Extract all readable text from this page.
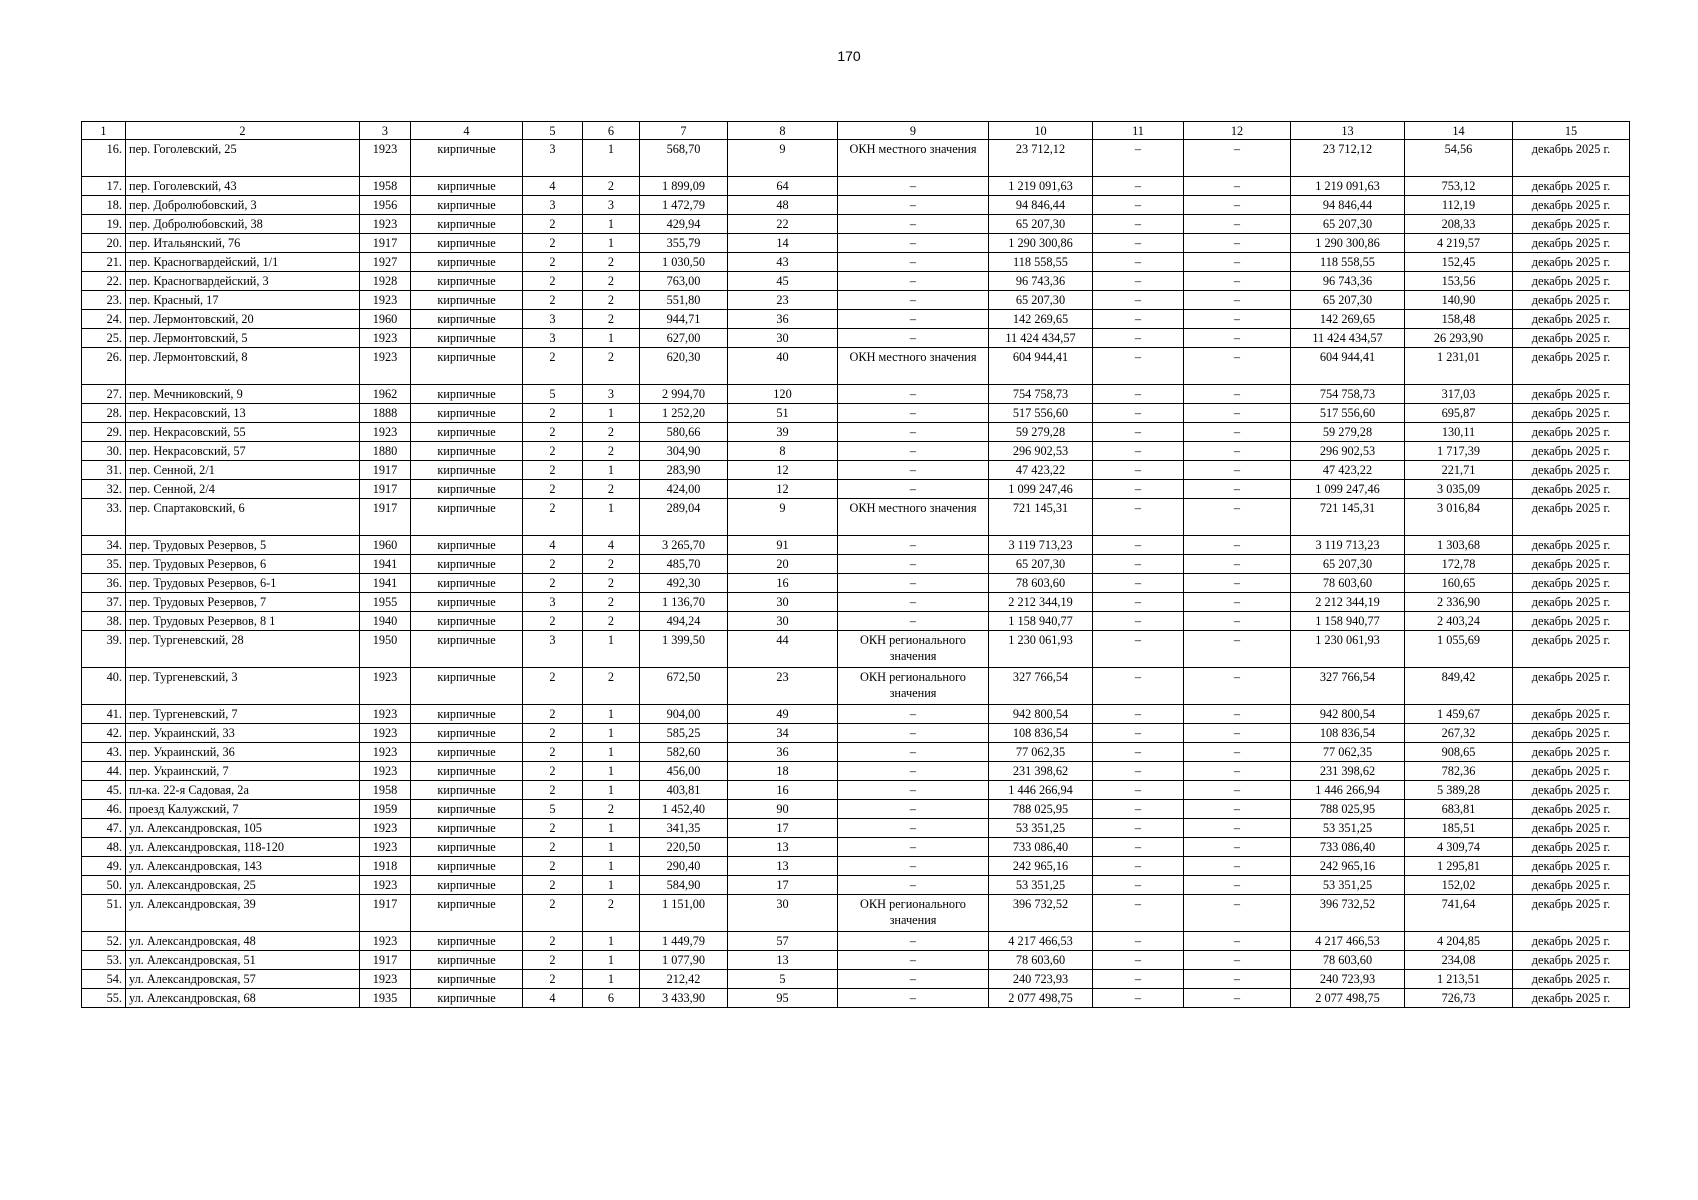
170
1	2	3	4	5	6	7	8	9	10	11	12	13	14	15
16.	пер. Гоголевский, 25	1923	кирпичные	3	1	568,70	9	ОКН местного значения	23 712,12	–	–	23 712,12	54,56	декабрь 2025 г.
17.	пер. Гоголевский, 43	1958	кирпичные	4	2	1 899,09	64	–	1 219 091,63	–	–	1 219 091,63	753,12	декабрь 2025 г.
18.	пер. Добролюбовский, 3	1956	кирпичные	3	3	1 472,79	48	–	94 846,44	–	–	94 846,44	112,19	декабрь 2025 г.
19.	пер. Добролюбовский, 38	1923	кирпичные	2	1	429,94	22	–	65 207,30	–	–	65 207,30	208,33	декабрь 2025 г.
20.	пер. Итальянский, 76	1917	кирпичные	2	1	355,79	14	–	1 290 300,86	–	–	1 290 300,86	4 219,57	декабрь 2025 г.
21.	пер. Красногвардейский, 1/1	1927	кирпичные	2	2	1 030,50	43	–	118 558,55	–	–	118 558,55	152,45	декабрь 2025 г.
22.	пер. Красногвардейский, 3	1928	кирпичные	2	2	763,00	45	–	96 743,36	–	–	96 743,36	153,56	декабрь 2025 г.
23.	пер. Красный, 17	1923	кирпичные	2	2	551,80	23	–	65 207,30	–	–	65 207,30	140,90	декабрь 2025 г.
24.	пер. Лермонтовский, 20	1960	кирпичные	3	2	944,71	36	–	142 269,65	–	–	142 269,65	158,48	декабрь 2025 г.
25.	пер. Лермонтовский, 5	1923	кирпичные	3	1	627,00	30	–	11 424 434,57	–	–	11 424 434,57	26 293,90	декабрь 2025 г.
26.	пер. Лермонтовский, 8	1923	кирпичные	2	2	620,30	40	ОКН местного значения	604 944,41	–	–	604 944,41	1 231,01	декабрь 2025 г.
27.	пер. Мечниковский, 9	1962	кирпичные	5	3	2 994,70	120	–	754 758,73	–	–	754 758,73	317,03	декабрь 2025 г.
28.	пер. Некрасовский, 13	1888	кирпичные	2	1	1 252,20	51	–	517 556,60	–	–	517 556,60	695,87	декабрь 2025 г.
29.	пер. Некрасовский, 55	1923	кирпичные	2	2	580,66	39	–	59 279,28	–	–	59 279,28	130,11	декабрь 2025 г.
30.	пер. Некрасовский, 57	1880	кирпичные	2	2	304,90	8	–	296 902,53	–	–	296 902,53	1 717,39	декабрь 2025 г.
31.	пер. Сенной, 2/1	1917	кирпичные	2	1	283,90	12	–	47 423,22	–	–	47 423,22	221,71	декабрь 2025 г.
32.	пер. Сенной, 2/4	1917	кирпичные	2	2	424,00	12	–	1 099 247,46	–	–	1 099 247,46	3 035,09	декабрь 2025 г.
33.	пер. Спартаковский, 6	1917	кирпичные	2	1	289,04	9	ОКН местного значения	721 145,31	–	–	721 145,31	3 016,84	декабрь 2025 г.
34.	пер. Трудовых Резервов, 5	1960	кирпичные	4	4	3 265,70	91	–	3 119 713,23	–	–	3 119 713,23	1 303,68	декабрь 2025 г.
35.	пер. Трудовых Резервов, 6	1941	кирпичные	2	2	485,70	20	–	65 207,30	–	–	65 207,30	172,78	декабрь 2025 г.
36.	пер. Трудовых Резервов, 6-1	1941	кирпичные	2	2	492,30	16	–	78 603,60	–	–	78 603,60	160,65	декабрь 2025 г.
37.	пер. Трудовых Резервов, 7	1955	кирпичные	3	2	1 136,70	30	–	2 212 344,19	–	–	2 212 344,19	2 336,90	декабрь 2025 г.
38.	пер. Трудовых Резервов, 8 1	1940	кирпичные	2	2	494,24	30	–	1 158 940,77	–	–	1 158 940,77	2 403,24	декабрь 2025 г.
39.	пер. Тургеневский, 28	1950	кирпичные	3	1	1 399,50	44	ОКН регионального значения	1 230 061,93	–	–	1 230 061,93	1 055,69	декабрь 2025 г.
40.	пер. Тургеневский, 3	1923	кирпичные	2	2	672,50	23	ОКН регионального значения	327 766,54	–	–	327 766,54	849,42	декабрь 2025 г.
41.	пер. Тургеневский, 7	1923	кирпичные	2	1	904,00	49	–	942 800,54	–	–	942 800,54	1 459,67	декабрь 2025 г.
42.	пер. Украинский, 33	1923	кирпичные	2	1	585,25	34	–	108 836,54	–	–	108 836,54	267,32	декабрь 2025 г.
43.	пер. Украинский, 36	1923	кирпичные	2	1	582,60	36	–	77 062,35	–	–	77 062,35	908,65	декабрь 2025 г.
44.	пер. Украинский, 7	1923	кирпичные	2	1	456,00	18	–	231 398,62	–	–	231 398,62	782,36	декабрь 2025 г.
45.	пл-ка. 22-я Садовая, 2а	1958	кирпичные	2	1	403,81	16	–	1 446 266,94	–	–	1 446 266,94	5 389,28	декабрь 2025 г.
46.	проезд Калужский, 7	1959	кирпичные	5	2	1 452,40	90	–	788 025,95	–	–	788 025,95	683,81	декабрь 2025 г.
47.	ул. Александровская, 105	1923	кирпичные	2	1	341,35	17	–	53 351,25	–	–	53 351,25	185,51	декабрь 2025 г.
48.	ул. Александровская, 118-120	1923	кирпичные	2	1	220,50	13	–	733 086,40	–	–	733 086,40	4 309,74	декабрь 2025 г.
49.	ул. Александровская, 143	1918	кирпичные	2	1	290,40	13	–	242 965,16	–	–	242 965,16	1 295,81	декабрь 2025 г.
50.	ул. Александровская, 25	1923	кирпичные	2	1	584,90	17	–	53 351,25	–	–	53 351,25	152,02	декабрь 2025 г.
51.	ул. Александровская, 39	1917	кирпичные	2	2	1 151,00	30	ОКН регионального значения	396 732,52	–	–	396 732,52	741,64	декабрь 2025 г.
52.	ул. Александровская, 48	1923	кирпичные	2	1	1 449,79	57	–	4 217 466,53	–	–	4 217 466,53	4 204,85	декабрь 2025 г.
53.	ул. Александровская, 51	1917	кирпичные	2	1	1 077,90	13	–	78 603,60	–	–	78 603,60	234,08	декабрь 2025 г.
54.	ул. Александровская, 57	1923	кирпичные	2	1	212,42	5	–	240 723,93	–	–	240 723,93	1 213,51	декабрь 2025 г.
55.	ул. Александровская, 68	1935	кирпичные	4	6	3 433,90	95	–	2 077 498,75	–	–	2 077 498,75	726,73	декабрь 2025 г.
